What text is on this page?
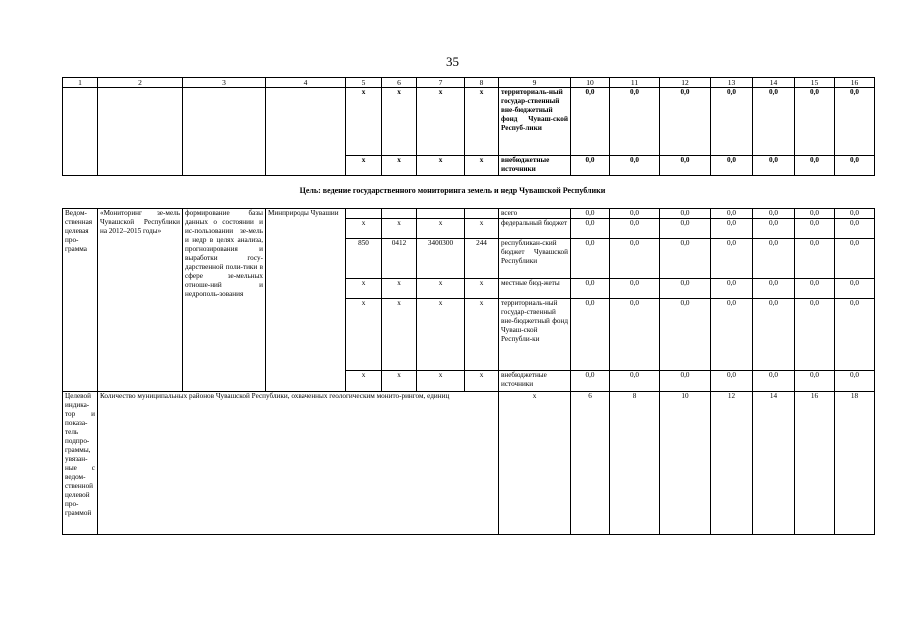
35
1	2	3	4	5	6	7	8	9	10	11	12	13	14	15	16
				x	x	x	x	территориаль-ный государ-ственный вне-бюджетный фонд Чуваш-ской Респуб-лики	0,0	0,0	0,0	0,0	0,0	0,0	0,0
				x	x	x	x	внебюджетные источники	0,0	0,0	0,0	0,0	0,0	0,0	0,0
Цель: ведение государственного мониторинга земель и недр Чувашской Республики
Ведом-ственная целевая про-грамма	«Мониторинг зе-мель Чувашской Республики на 2012–2015 годы»	формирование базы данных о состоянии и ис-пользовании зе-мель и недр в целях анализа, прогнозирования и выработки госу-дарственной поли-тики в сфере зе-мельных отноше-ний и недрополь-зования	Минприроды Чувашии					всего	0,0	0,0	0,0	0,0	0,0	0,0	0,0
				x	x	x	x	федеральный бюджет	0,0	0,0	0,0	0,0	0,0	0,0	0,0
				850	0412	3400300	244	республикан-ский бюджет Чувашской Республики	0,0	0,0	0,0	0,0	0,0	0,0	0,0
				x	x	x	x	местные бюд-жеты	0,0	0,0	0,0	0,0	0,0	0,0	0,0
				x	x	x	x	территориаль-ный государ-ственный вне-бюджетный фонд Чуваш-ской Республи-ки	0,0	0,0	0,0	0,0	0,0	0,0	0,0
				x	x	x	x	внебюджетные источники	0,0	0,0	0,0	0,0	0,0	0,0	0,0
Целевой индика-тор и показа-тель подпро-граммы, увязан-ные с ведом-ственной целевой про-граммой	Количество муниципальных районов Чувашской Республики, охваченных геологическим монито-рингом, единиц							x	6	8	10	12	14	16	18
